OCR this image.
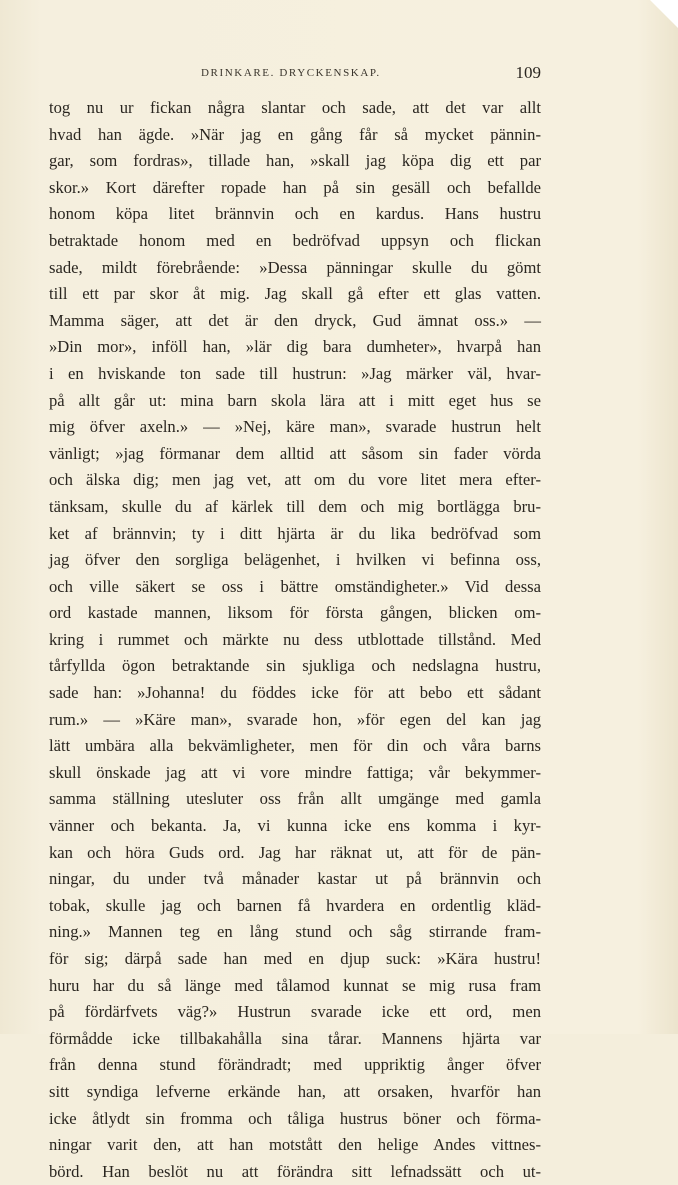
DRINKARE. DRYCKENSKAP.	109
tog nu ur fickan några slantar och sade, att det var allt
hvad han ägde. »När jag en gång får så mycket pännin-
gar, som fordras», tillade han, »skall jag köpa dig ett par
skor.» Kort därefter ropade han på sin gesäll och befallde
honom köpa litet brännvin och en kardus. Hans hustru
betraktade honom med en bedröfvad uppsyn och flickan
sade, mildt förebrående: »Dessa pänningar skulle du gömt
till ett par skor åt mig. Jag skall gå efter ett glas vatten.
Mamma säger, att det är den dryck, Gud ämnat oss.» —
»Din mor», inföll han, »lär dig bara dumheter», hvarpå han
i en hviskande ton sade till hustrun: »Jag märker väl, hvar-
på allt går ut: mina barn skola lära att i mitt eget hus se
mig öfver axeln.» — »Nej, käre man», svarade hustrun helt
vänligt; »jag förmanar dem alltid att såsom sin fader vörda
och älska dig; men jag vet, att om du vore litet mera efter-
tänksam, skulle du af kärlek till dem och mig bortlägga bru-
ket af brännvin; ty i ditt hjärta är du lika bedröfvad som
jag öfver den sorgliga belägenhet, i hvilken vi befinna oss,
och ville säkert se oss i bättre omständigheter.» Vid dessa
ord kastade mannen, liksom för första gången, blicken om-
kring i rummet och märkte nu dess utblottade tillstånd. Med
tårfyllda ögon betraktande sin sjukliga och nedslagna hustru,
sade han: »Johanna! du föddes icke för att bebo ett sådant
rum.» — »Käre man», svarade hon, »för egen del kan jag
lätt umbära alla bekvämligheter, men för din och våra barns
skull önskade jag att vi vore mindre fattiga; vår bekymmer-
samma ställning utesluter oss från allt umgänge med gamla
vänner och bekanta. Ja, vi kunna icke ens komma i kyr-
kan och höra Guds ord. Jag har räknat ut, att för de pän-
ningar, du under två månader kastar ut på brännvin och
tobak, skulle jag och barnen få hvardera en ordentlig kläd-
ning.» Mannen teg en lång stund och såg stirrande fram-
för sig; därpå sade han med en djup suck: »Kära hustru!
huru har du så länge med tålamod kunnat se mig rusa fram
på fördärfvets väg?» Hustrun svarade icke ett ord, men
förmådde icke tillbakahålla sina tårar. Mannens hjärta var
från denna stund förändradt; med uppriktig ånger öfver
sitt syndiga lefverne erkände han, att orsaken, hvarför han
icke åtlydt sin fromma och tåliga hustrus böner och förma-
ningar varit den, att han motstått den helige Andes vittnes-
börd. Han beslöt nu att förändra sitt lefnadssätt och ut-
